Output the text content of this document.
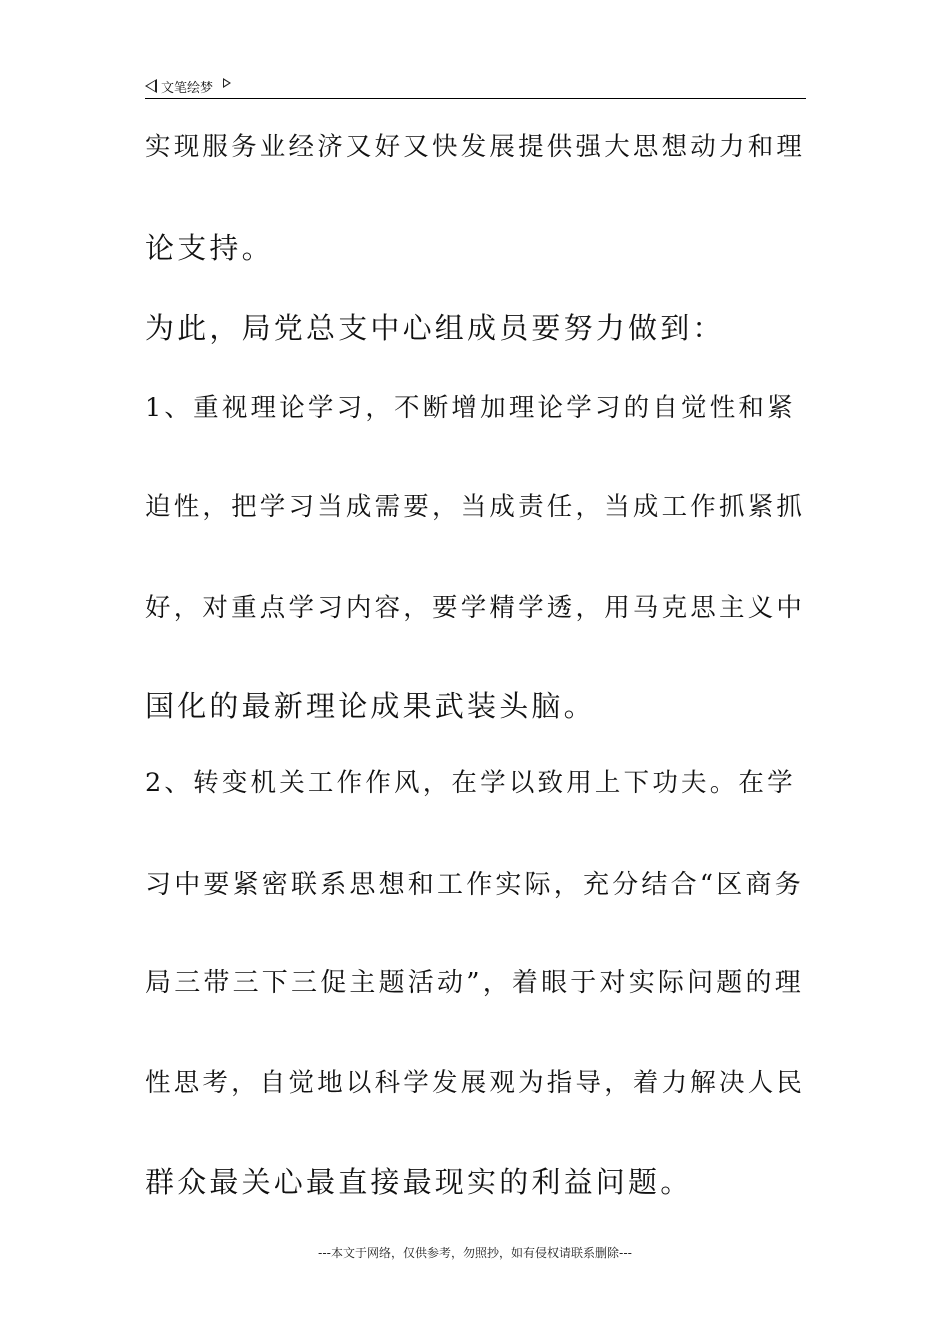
文笔绘梦
实现服务业经济又好又快发展提供强大思想动力和理
论支持。
为此，局党总支中心组成员要努力做到：
1、重视理论学习，不断增加理论学习的自觉性和紧
迫性，把学习当成需要，当成责任，当成工作抓紧抓
好，对重点学习内容，要学精学透，用马克思主义中
国化的最新理论成果武装头脑。
2、转变机关工作作风，在学以致用上下功夫。在学
习中要紧密联系思想和工作实际，充分结合“区商务
局三带三下三促主题活动”，着眼于对实际问题的理
性思考，自觉地以科学发展观为指导，着力解决人民
群众最关心最直接最现实的利益问题。
---本文于网络，仅供参考，勿照抄，如有侵权请联系删除---
